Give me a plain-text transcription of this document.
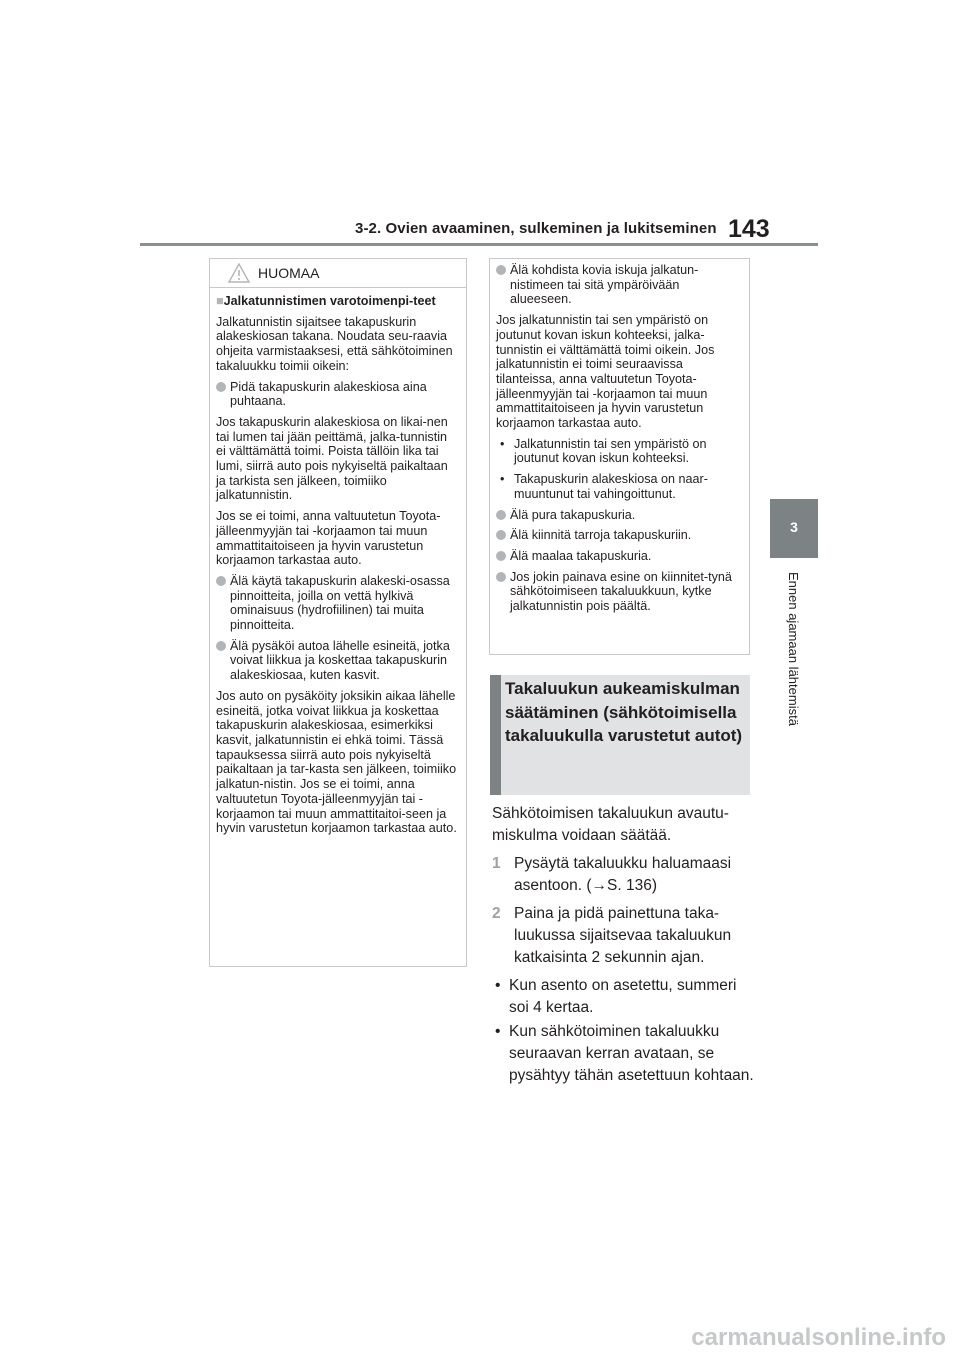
3-2. Ovien avaaminen, sulkeminen ja lukitseminen 143
3
Ennen ajamaan lähtemistä
HUOMAA

■Jalkatunnistimen varotoimenpi-teet

Jalkatunnistin sijaitsee takapuskurin alakeskiosan takana. Noudata seu-raavia ohjeita varmistaaksesi, että sähkötoiminen takaluukku toimii oikein:

Pidä takapuskurin alakeskiosa aina puhtaana.

Jos takapuskurin alakeskiosa on likai-nen tai lumen tai jään peittämä, jalka-tunnistin ei välttämättä toimi. Poista tällöin lika tai lumi, siirrä auto pois nykyiseltä paikaltaan ja tarkista sen jälkeen, toimiiko jalkatunnistin.

Jos se ei toimi, anna valtuutetun Toyota-jälleenmyyjän tai -korjaamon tai muun ammattitaitoiseen ja hyvin varustetun korjaamon tarkastaa auto.

Älä käytä takapuskurin alakeski-osassa pinnoitteita, joilla on vettä hylkivä ominaisuus (hydrofiilinen) tai muita pinnoitteita.
Älä pysäköi autoa lähelle esineitä, jotka voivat liikkua ja koskettaa takapuskurin alakeskiosaa, kuten kasvit.

Jos auto on pysäköity joksikin aikaa lähelle esineitä, jotka voivat liikkua ja koskettaa takapuskurin alakeskiosaa, esimerkiksi kasvit, jalkatunnistin ei ehkä toimi. Tässä tapauksessa siirrä auto pois nykyiseltä paikaltaan ja tar-kasta sen jälkeen, toimiiko jalkatun-nistin. Jos se ei toimi, anna valtuutetun Toyota-jälleenmyyjän tai -korjaamon tai muun ammattitaitoi-seen ja hyvin varustetun korjaamon tarkastaa auto.

Älä kohdista kovia iskuja jalkatun-nistimeen tai sitä ympäröivään alueeseen.

Jos jalkatunnistin tai sen ympäristö on joutunut kovan iskun kohteeksi, jalka-tunnistin ei välttämättä toimi oikein. Jos jalkatunnistin ei toimi seuraavissa tilanteissa, anna valtuutetun Toyota-jälleenmyyjän tai -korjaamon tai muun ammattitaitoiseen ja hyvin varustetun korjaamon tarkastaa auto.

• Jalkatunnistin tai sen ympäristö on joutunut kovan iskun kohteeksi.
• Takapuskurin alakeskiosa on naar-muuntunut tai vahingoittunut.
Älä pura takapuskuria.
Älä kiinnitä tarroja takapuskuriin.
Älä maalaa takapuskuria.
Jos jokin painava esine on kiinnitet-tynä sähkötoimiseen takaluukkuun, kytke jalkatunnistin pois päältä.
Takaluukun aukeamiskulman säätäminen (sähkötoimisella takaluukulla varustetut autot)

Sähkötoimisen takaluukun avautu-miskulma voidaan säätää.

1 Pysäytä takaluukku haluamaasi asentoon. (→S. 136)
2 Paina ja pidä painettuna taka-luukussa sijaitsevaa takaluukun katkaisinta 2 sekunnin ajan.
• Kun asento on asetettu, summeri soi 4 kertaa.
• Kun sähkötoiminen takaluukku seuraavan kerran avataan, se pysähtyy tähän asetettuun kohtaan.
carmanualsonline.info
